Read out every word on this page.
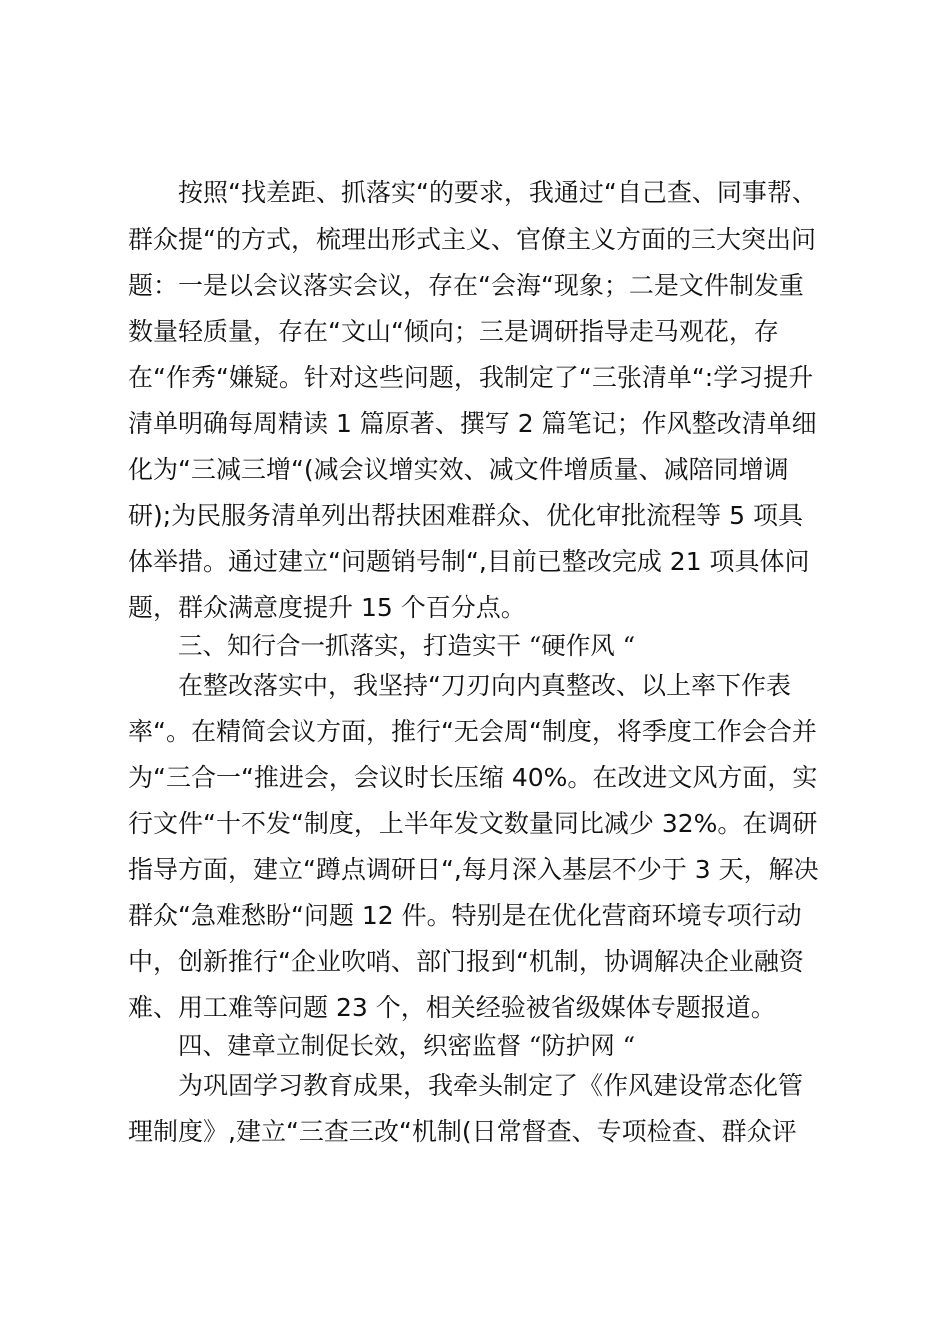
按照“找差距、抓落实“的要求，我通过“自己查、同事帮、
群众提“的方式，梳理出形式主义、官僚主义方面的三大突出问
题：一是以会议落实会议，存在“会海“现象；二是文件制发重
数量轻质量，存在“文山“倾向；三是调研指导走马观花，存
在“作秀“嫌疑。针对这些问题，我制定了“三张清单“:学习提升
清单明确每周精读 1 篇原著、撰写 2 篇笔记；作风整改清单细
化为“三减三增“(减会议增实效、减文件增质量、减陪同增调
研);为民服务清单列出帮扶困难群众、优化审批流程等 5 项具
体举措。通过建立“问题销号制“,目前已整改完成 21 项具体问
题，群众满意度提升 15 个百分点。
三、知行合一抓落实，打造实干 “硬作风 “
在整改落实中，我坚持“刀刃向内真整改、以上率下作表
率“。在精简会议方面，推行“无会周“制度，将季度工作会合并
为“三合一“推进会，会议时长压缩 40%。在改进文风方面，实
行文件“十不发“制度，上半年发文数量同比减少 32%。在调研
指导方面，建立“蹲点调研日“,每月深入基层不少于 3 天，解决
群众“急难愁盼“问题 12 件。特别是在优化营商环境专项行动
中，创新推行“企业吹哨、部门报到“机制，协调解决企业融资
难、用工难等问题 23 个，相关经验被省级媒体专题报道。
四、建章立制促长效，织密监督 “防护网 “
为巩固学习教育成果，我牵头制定了《作风建设常态化管
理制度》,建立“三查三改“机制(日常督查、专项检查、群众评
